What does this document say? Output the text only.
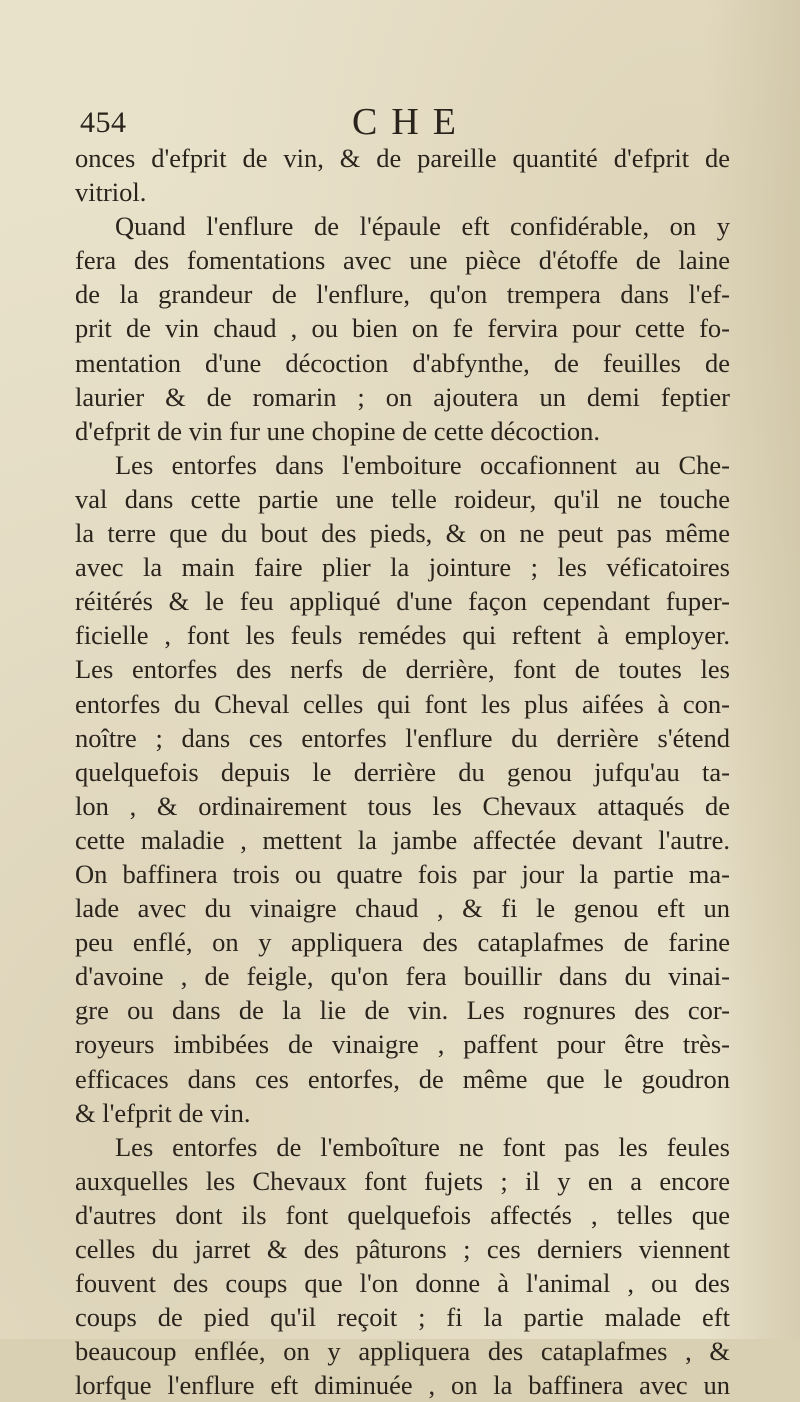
454	CHE
onces d'efprit de vin, & de pareille quantité d'efprit de
vitriol.
Quand l'enflure de l'épaule eft confidérable, on y
fera des fomentations avec une pièce d'étoffe de laine
de la grandeur de l'enflure, qu'on trempera dans l'ef-
prit de vin chaud , ou bien on fe fervira pour cette fo-
mentation d'une décoction d'abfynthe, de feuilles de
laurier & de romarin ; on ajoutera un demi feptier
d'efprit de vin fur une chopine de cette décoction.
Les entorfes dans l'emboiture occafionnent au Che-
val dans cette partie une telle roideur, qu'il ne touche
la terre que du bout des pieds, & on ne peut pas même
avec la main faire plier la jointure ; les véficatoires
réitérés & le feu appliqué d'une façon cependant fuper-
ficielle , font les feuls remédes qui reftent à employer.
Les entorfes des nerfs de derrière, font de toutes les
entorfes du Cheval celles qui font les plus aifées à con-
noître ; dans ces entorfes l'enflure du derrière s'étend
quelquefois depuis le derrière du genou jufqu'au ta-
lon , & ordinairement tous les Chevaux attaqués de
cette maladie , mettent la jambe affectée devant l'autre.
On baffinera trois ou quatre fois par jour la partie ma-
lade avec du vinaigre chaud , & fi le genou eft un
peu enflé, on y appliquera des cataplafmes de farine
d'avoine , de feigle, qu'on fera bouillir dans du vinai-
gre ou dans de la lie de vin. Les rognures des cor-
royeurs imbibées de vinaigre , paffent pour être très-
efficaces dans ces entorfes, de même que le goudron
& l'efprit de vin.
Les entorfes de l'emboîture ne font pas les feules
auxquelles les Chevaux font fujets ; il y en a encore
d'autres dont ils font quelquefois affectés , telles que
celles du jarret & des pâturons ; ces derniers viennent
fouvent des coups que l'on donne à l'animal , ou des
coups de pied qu'il reçoit ; fi la partie malade eft
beaucoup enflée, on y appliquera des cataplafmes , &
lorfque l'enflure eft diminuée , on la baffinera avec un
